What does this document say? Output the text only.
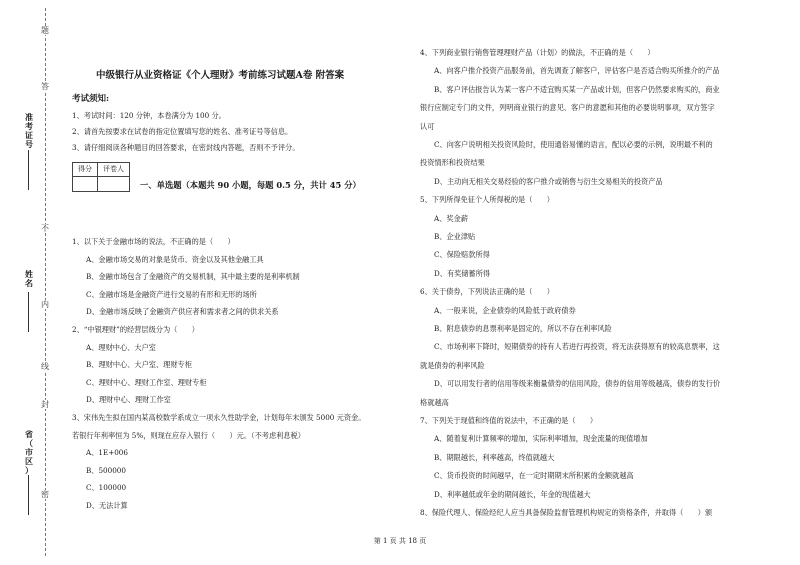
题
答
不
内
线
封
密
准
考
证
号
姓
名
省
（
市
区
）
中级银行从业资格证《个人理财》考前练习试题A卷 附答案
考试须知:
1、考试时间：120 分钟，本卷满分为 100 分。
2、请首先按要求在试卷的指定位置填写您的姓名、准考证号等信息。
3、请仔细阅读各种题目的回答要求，在密封线内答题，否则不予评分。
得分	评卷人
一、单选题（本题共 90 小题，每题 0.5 分，共计 45 分）
1、以下关于金融市场的说法，不正确的是（　　）
A、金融市场交易的对象是货币、资金以及其他金融工具
B、金融市场包含了金融资产的交易机制，其中最主要的是利率机制
C、金融市场是金融资产进行交易的有形和无形的场所
D、金融市场反映了金融资产供应者和需求者之间的供求关系
2、“中银理财”的经营层级分为（　　）
A、理财中心、大户室
B、理财中心、大户室、理财专柜
C、理财中心、理财工作室、理财专柜
D、理财中心、理财工作室
3、宋伟先生拟在国内某高校数学系成立一项永久性助学金，计划每年末颁发 5000 元资金。
若银行年利率恒为 5%，则现在应存入银行（　　）元。（不考虑利息税）
A、1E+006
B、500000
C、100000
D、无法计算
4、下列商业银行销售管理理财产品（计划）的做法，不正确的是（　　）
A、向客户推介投资产品服务前，首先调查了解客户，评估客户是否适合购买所推介的产品
B、客户评估报告认为某一客户不适宜购买某一产品或计划，但客户仍然要求购买的，商业
银行应制定专门的文件，列明商业银行的意见、客户的意愿和其他的必要说明事项，双方签字
认可
C、向客户说明相关投资风险时，使用通俗易懂的语言，配以必要的示例，说明最不利的
投资情形和投资结果
D、主动向无相关交易经验的客户推介或销售与衍生交易相关的投资产品
5、下列所得免征个人所得税的是（　　）
A、奖金薪
B、企业津贴
C、保险赔款所得
D、有奖储蓄所得
6、关于债券，下列说法正确的是（　　）
A、一般来说，企业债券的风险低于政府债券
B、附息债券的息票利率是固定的，所以不存在利率风险
C、市场利率下降时，短期债券的持有人若进行再投资，将无法获得原有的较高息票率，这
就是债券的利率风险
D、可以用发行者的信用等级来衡量债券的信用风险，债券的信用等级越高，债券的发行价
格就越高
7、下列关于现值和终值的说法中，不正确的是（　　）
A、随着复利计算频率的增加，实际利率增加，现金流量的现值增加
B、期限越长，利率越高，终值就越大
C、货币投资的时间越早，在一定时期期末所积累的金额就越高
D、利率越低或年金的期间越长，年金的现值越大
8、保险代理人、保险经纪人应当具备保险监督管理机构规定的资格条件，并取得（　　）颁
第 1 页 共 18 页
